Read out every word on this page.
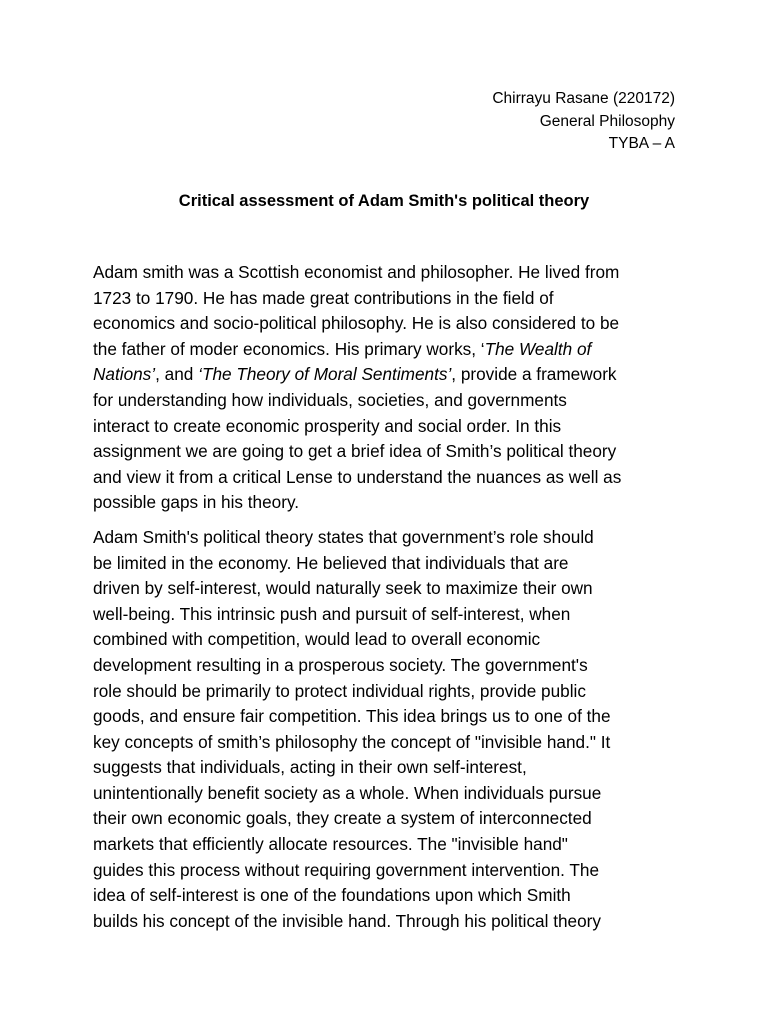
Chirrayu Rasane (220172)
General Philosophy
TYBA – A
Critical assessment of Adam Smith's political theory
Adam smith was a Scottish economist and philosopher. He lived from
1723 to 1790. He has made great contributions in the field of
economics and socio-political philosophy. He is also considered to be
the father of moder economics. His primary works, ‘The Wealth of
Nations’, and ‘The Theory of Moral Sentiments’, provide a framework
for understanding how individuals, societies, and governments
interact to create economic prosperity and social order. In this
assignment we are going to get a brief idea of Smith’s political theory
and view it from a critical Lense to understand the nuances as well as
possible gaps in his theory.
Adam Smith's political theory states that government’s role should
be limited in the economy. He believed that individuals that are
driven by self-interest, would naturally seek to maximize their own
well-being. This intrinsic push and pursuit of self-interest, when
combined with competition, would lead to overall economic
development resulting in a prosperous society. The government's
role should be primarily to protect individual rights, provide public
goods, and ensure fair competition. This idea brings us to one of the
key concepts of smith’s philosophy the concept of "invisible hand." It
suggests that individuals, acting in their own self-interest,
unintentionally benefit society as a whole. When individuals pursue
their own economic goals, they create a system of interconnected
markets that efficiently allocate resources. The "invisible hand"
guides this process without requiring government intervention. The
idea of self-interest is one of the foundations upon which Smith
builds his concept of the invisible hand. Through his political theory
